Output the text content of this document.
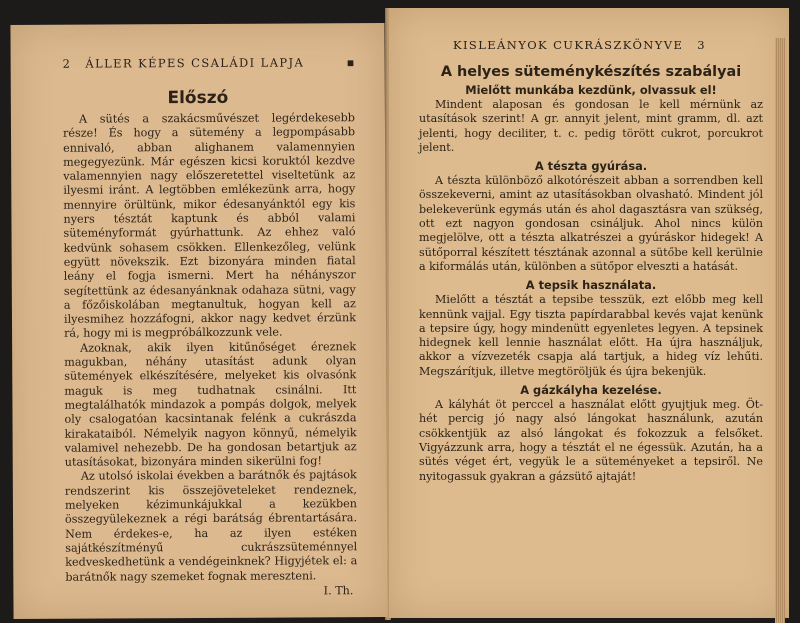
2 ÁLLER KÉPES CSALÁDI LAPJA	▪
Előszó

A sütés a szakácsművészet legérdekesebb része! És hogy a sütemény a legpompásabb ennivaló, abban alighanem valamennyien megegyezünk. Már egészen kicsi koruktól kezdve valamennyien nagy előszeretettel viseltetünk az ilyesmi iránt. A legtöbben emlékezünk arra, hogy mennyire örültünk, mikor édesanyánktól egy kis nyers tésztát kaptunk és abból valami süteményformát gyúrhattunk. Az ehhez való kedvünk sohasem csökken. Ellenkezőleg, velünk együtt növekszik. Ezt bizonyára minden fiatal leány el fogja ismerni. Mert ha néhányszor segítettünk az édesanyánknak odahaza sütni, vagy a főzőiskolában megtanultuk, hogyan kell az ilyesmihez hozzáfogni, akkor nagy kedvet érzünk rá, hogy mi is megpróbálkozzunk vele.

Azoknak, akik ilyen kitűnőséget éreznek magukban, néhány utasítást adunk olyan sütemények elkészítésére, melyeket kis olvasónk maguk is meg tudhatnak csinálni. Itt megtalálhatók mindazok a pompás dolgok, melyek oly csalogatóan kacsintanak felénk a cukrászda kirakataiból. Némelyik nagyon könnyű, némelyik valamivel nehezebb. De ha gondosan betartjuk az utasításokat, bizonyára minden sikerülni fog!

Az utolsó iskolai években a barátnők és pajtások rendszerint kis összejöveteleket rendeznek, melyeken kézimunkájukkal a kezükben összegyülekeznek a régi barátság ébrentartására. Nem érdekes-e, ha az ilyen estéken sajátkészítményű cukrászsüteménnyel kedveskedhetünk a vendégeinknek? Higyjétek el: a barátnők nagy szemeket fognak mereszteni.

I. Th.
KISLEÁNYOK CUKRÁSZKÖNYVE 3
A helyes süteménykészítés szabályai
Mielőtt munkába kezdünk, olvassuk el!

Mindent alaposan és gondosan le kell mérnünk az utasítások szerint! A gr. annyit jelent, mint gramm, dl. azt jelenti, hogy deciliter, t. c. pedig törött cukrot, porcukrot jelent.

A tészta gyúrása.

A tészta különböző alkotórészeit abban a sorrendben kell összekeverni, amint az utasításokban olvasható. Mindent jól belekeverünk egymás után és ahol dagasztásra van szükség, ott ezt nagyon gondosan csináljuk. Ahol nincs külön megjelölve, ott a tészta alkatrészei a gyúráskor hidegek! A sütőporral készített tésztának azonnal a sütőbe kell kerülnie a kiformálás után, különben a sütőpor elveszti a hatását.

A tepsik használata.

Mielőtt a tésztát a tepsibe tesszük, ezt előbb meg kell kennünk vajjal. Egy tiszta papírdarabbal kevés vajat kenünk a tepsire úgy, hogy mindenütt egyenletes legyen. A tepsinek hidegnek kell lennie használat előtt. Ha újra használjuk, akkor a vízvezeték csapja alá tartjuk, a hideg víz lehűti. Megszárítjuk, illetve megtöröljük és újra bekenjük.

A gázkályha kezelése.

A kályhát öt perccel a használat előtt gyujtjuk meg. Öt-hét percig jó nagy alsó lángokat használunk, azután csökkentjük az alsó lángokat és fokozzuk a felsőket. Vigyázzunk arra, hogy a tésztát el ne égessük. Azután, ha a sütés véget ért, vegyük le a süteményeket a tepsiről. Ne nyitogassuk gyakran a gázsütő ajtaját!
